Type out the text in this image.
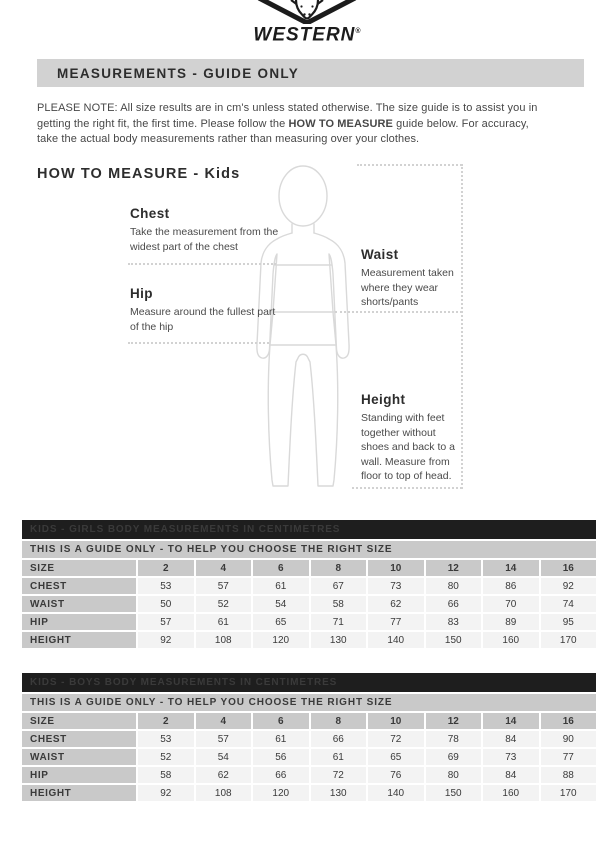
WESTERN®
MEASUREMENTS - GUIDE ONLY

PLEASE NOTE: All size results are in cm's unless stated otherwise. The size guide is to assist you in getting the right fit, the first time. Please follow the HOW TO MEASURE guide below. For accuracy, take the actual body measurements rather than measuring over your clothes.

HOW TO MEASURE - Kids
Chest

Take the measurement from the widest part of the chest

Hip

Measure around the fullest part of the hip

Waist

Measurement taken where they wear shorts/pants

Height

Standing with feet together without shoes and back to a wall. Measure from floor to top of head.

KIDS - GIRLS BODY MEASUREMENTS IN CENTIMETRES								
THIS IS A GUIDE ONLY - TO HELP YOU CHOOSE THE RIGHT SIZE								
SIZE	2	4	6	8	10	12	14	16
CHEST	53	57	61	67	73	80	86	92
WAIST	50	52	54	58	62	66	70	74
HIP	57	61	65	71	77	83	89	95
HEIGHT	92	108	120	130	140	150	160	170
KIDS - BOYS BODY MEASUREMENTS IN CENTIMETRES								
THIS IS A GUIDE ONLY - TO HELP YOU CHOOSE THE RIGHT SIZE								
SIZE	2	4	6	8	10	12	14	16
CHEST	53	57	61	66	72	78	84	90
WAIST	52	54	56	61	65	69	73	77
HIP	58	62	66	72	76	80	84	88
HEIGHT	92	108	120	130	140	150	160	170
